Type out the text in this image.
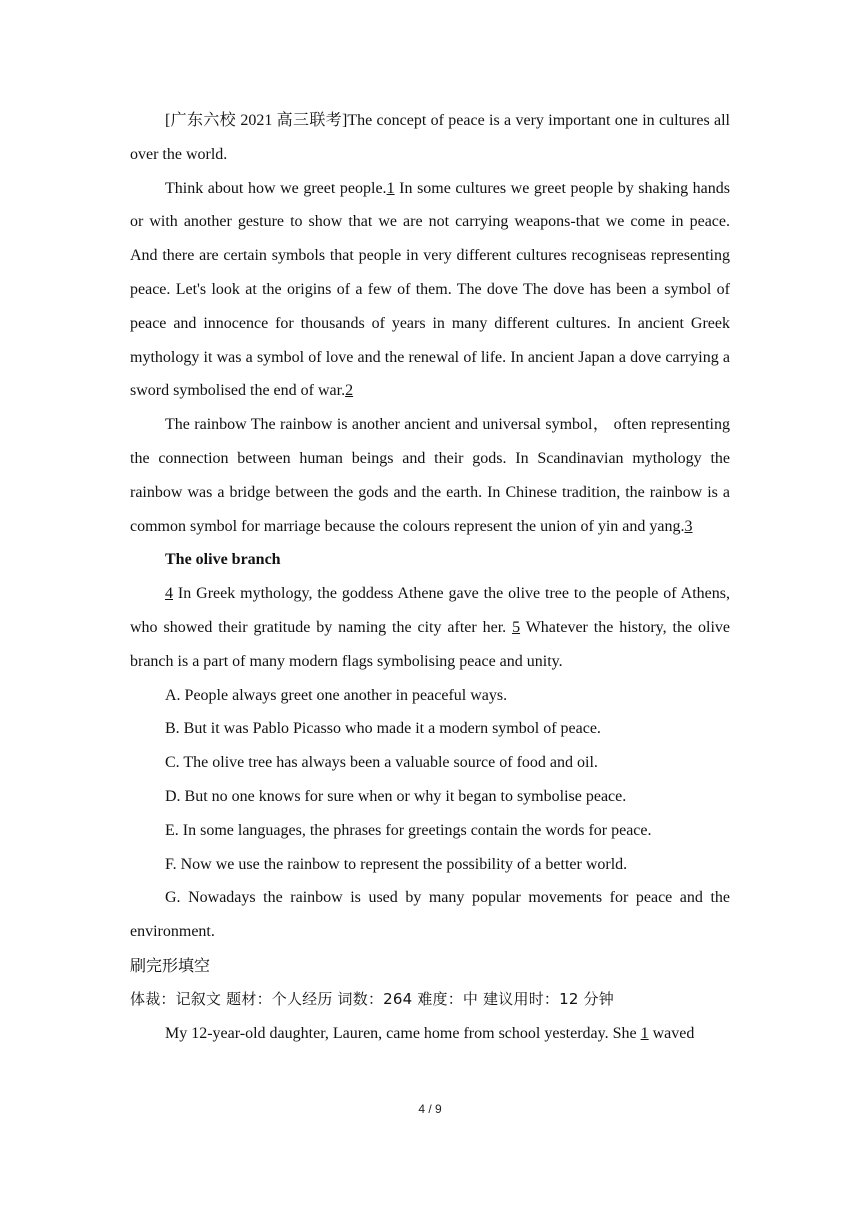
[广东六校 2021 高三联考]The concept of peace is a very important one in cultures all over the world.

Think about how we greet people.1 In some cultures we greet people by shaking hands or with another gesture to show that we are not carrying weapons-that we come in peace. And there are certain symbols that people in very different cultures recogniseas representing peace. Let's look at the origins of a few of them. The dove The dove has been a symbol of peace and innocence for thousands of years in many different cultures. In ancient Greek mythology it was a symbol of love and the renewal of life. In ancient Japan a dove carrying a sword symbolised the end of war.2

The rainbow The rainbow is another ancient and universal symbol， often representing the connection between human beings and their gods. In Scandinavian mythology the rainbow was a bridge between the gods and the earth. In Chinese tradition, the rainbow is a common symbol for marriage because the colours represent the union of yin and yang.3

The olive branch

4 In Greek mythology, the goddess Athene gave the olive tree to the people of Athens, who showed their gratitude by naming the city after her. 5 Whatever the history, the olive branch is a part of many modern flags symbolising peace and unity.

A. People always greet one another in peaceful ways.

B. But it was Pablo Picasso who made it a modern symbol of peace.

C. The olive tree has always been a valuable source of food and oil.

D. But no one knows for sure when or why it began to symbolise peace.

E. In some languages, the phrases for greetings contain the words for peace.

F. Now we use the rainbow to represent the possibility of a better world.

G. Nowadays the rainbow is used by many popular movements for peace and the environment.

刷完形填空

体裁：记叙文 题材：个人经历 词数：264 难度：中 建议用时：12 分钟

My 12-year-old daughter, Lauren, came home from school yesterday. She 1 waved

4 / 9
